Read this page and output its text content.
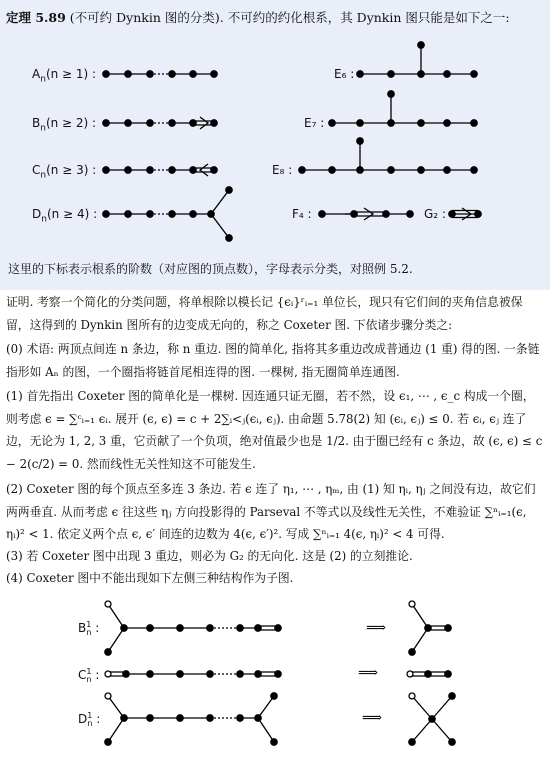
定理 5.89 (不可约 Dynkin 图的分类). 不可约的约化根系，其 Dynkin 图只能是如下之一:
$A_n(n \ge 1)$ :
$B_n(n \ge 2)$ :
$C_n(n \ge 3)$ :
$D_n(n \ge 4)$ :
E₆ :
E₇ :
E₈ :
F₄ :	G₂ :
这里的下标表示根系的阶数（对应图的顶点数），字母表示分类，对照例 5.2.
证明. 考察一个简化的分类问题，将单根除以模长记 {ϵᵢ}ʳᵢ₌₁ 单位长，现只有它们间的夹角信息被保留，这得到的 Dynkin 图所有的边变成无向的，称之 Coxeter 图. 下依诸步骤分类之:
(0) 术语: 两顶点间连 n 条边，称 n 重边. 图的简单化, 指将其多重边改成普通边 (1 重) 得的图. 一条链指形如 Aₙ 的图，一个圈指将链首尾相连得的图. 一棵树, 指无圈简单连通图.
(1) 首先指出 Coxeter 图的简单化是一棵树. 因连通只证无圈，若不然，设 ϵ₁, ⋯ , ϵ_c 构成一个圈，则考虑 ϵ = ∑ᶜᵢ₌₁ ϵᵢ. 展开 (ϵ, ϵ) = c + 2∑ᵢ<ⱼ(ϵᵢ, ϵⱼ). 由命题 5.78(2) 知 (ϵᵢ, ϵⱼ) ≤ 0. 若 ϵᵢ, ϵⱼ 连了边，无论为 1, 2, 3 重，它贡献了一个负项，绝对值最少也是 1/2. 由于圈已经有 c 条边，故 (ϵ, ϵ) ≤ c − 2(c/2) = 0. 然而线性无关性知这不可能发生.
(2) Coxeter 图的每个顶点至多连 3 条边. 若 ϵ 连了 η₁, ⋯ , ηₘ, 由 (1) 知 ηᵢ, ηⱼ 之间没有边，故它们两两垂直. 从而考虑 ϵ 往这些 ηⱼ 方向投影得的 Parseval 不等式以及线性无关性，不难验证 ∑ⁿᵢ₌₁(ϵ, ηᵢ)² < 1. 依定义两个点 ϵ, ϵ′ 间连的边数为 4(ϵ, ϵ′)². 写成 ∑ⁿᵢ₌₁ 4(ϵ, ηᵢ)² < 4 可得.
(3) 若 Coxeter 图中出现 3 重边，则必为 G₂ 的无向化. 这是 (2) 的立刻推论.
(4) Coxeter 图中不能出现如下左侧三种结构作为子图.
$B^1_n$ :
$C^1_n$ :
$D^1_n$ :
⟹
⟹
⟹
